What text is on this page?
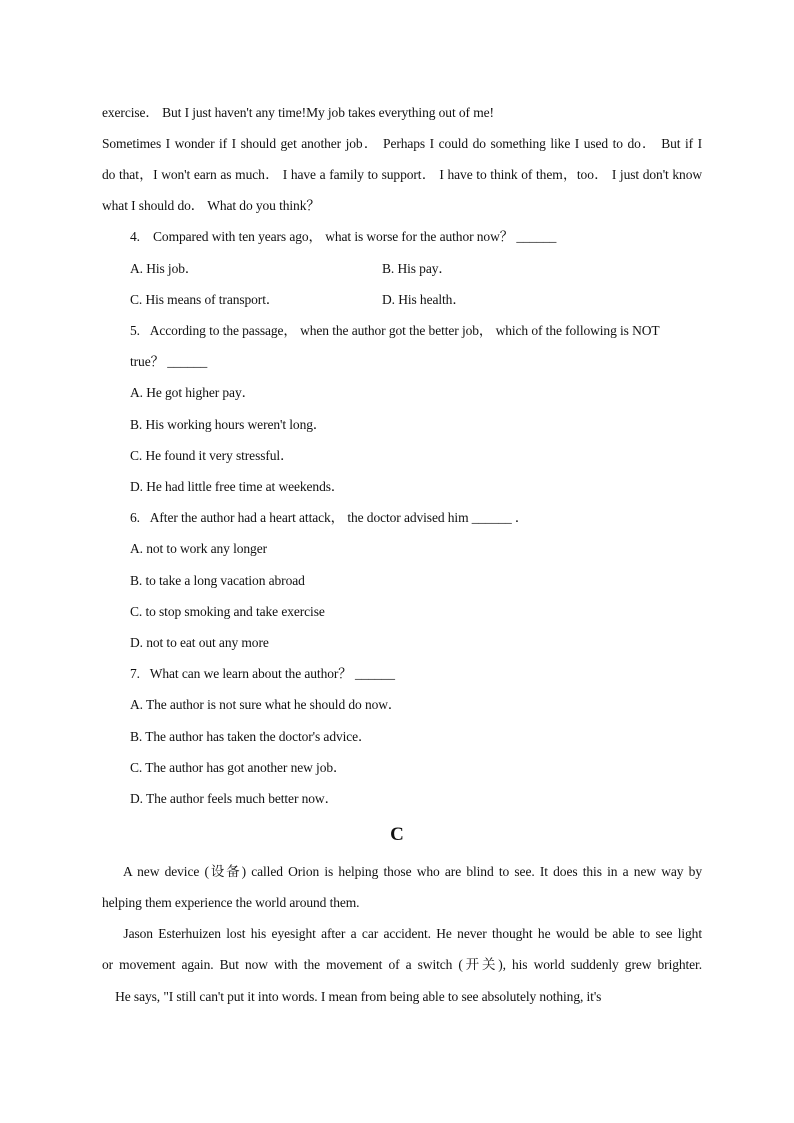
exercise． But I just haven't any time!My job takes everything out of me!
Sometimes I wonder if I should get another job． Perhaps I could do something like I used to do． But if I
do that，I won't earn as much． I have a family to support． I have to think of them，too． I just don't know
what I should do． What do you think？
4.    Compared with ten years ago， what is worse for the author now？ ______
A. His job．	B. His pay．
C. His means of transport．	D. His health．
5.   According to the passage， when the author got the better job， which of the following is NOT
true？ ______
A. He got higher pay．
B. His working hours weren't long．
C. He found it very stressful．
D. He had little free time at weekends．
6.   After the author had a heart attack， the doctor advised him ______ ．
A. not to work any longer
B. to take a long vacation abroad
C. to stop smoking and take exercise
D. not to eat out any more
7.   What can we learn about the author？ ______
A. The author is not sure what he should do now．
B. The author has taken the doctor's advice．
C. The author has got another new job．
D. The author feels much better now．
C
A new device (设备) called Orion is helping those who are blind to see. It does this in a new way by
helping them experience the world around them.
Jason Esterhuizen lost his eyesight after a car accident. He never thought he would be able to see light
or movement again. But now with the movement of a switch (开关), his world suddenly grew brighter.
He says, "I still can't put it into words. I mean from being able to see absolutely nothing, it's
